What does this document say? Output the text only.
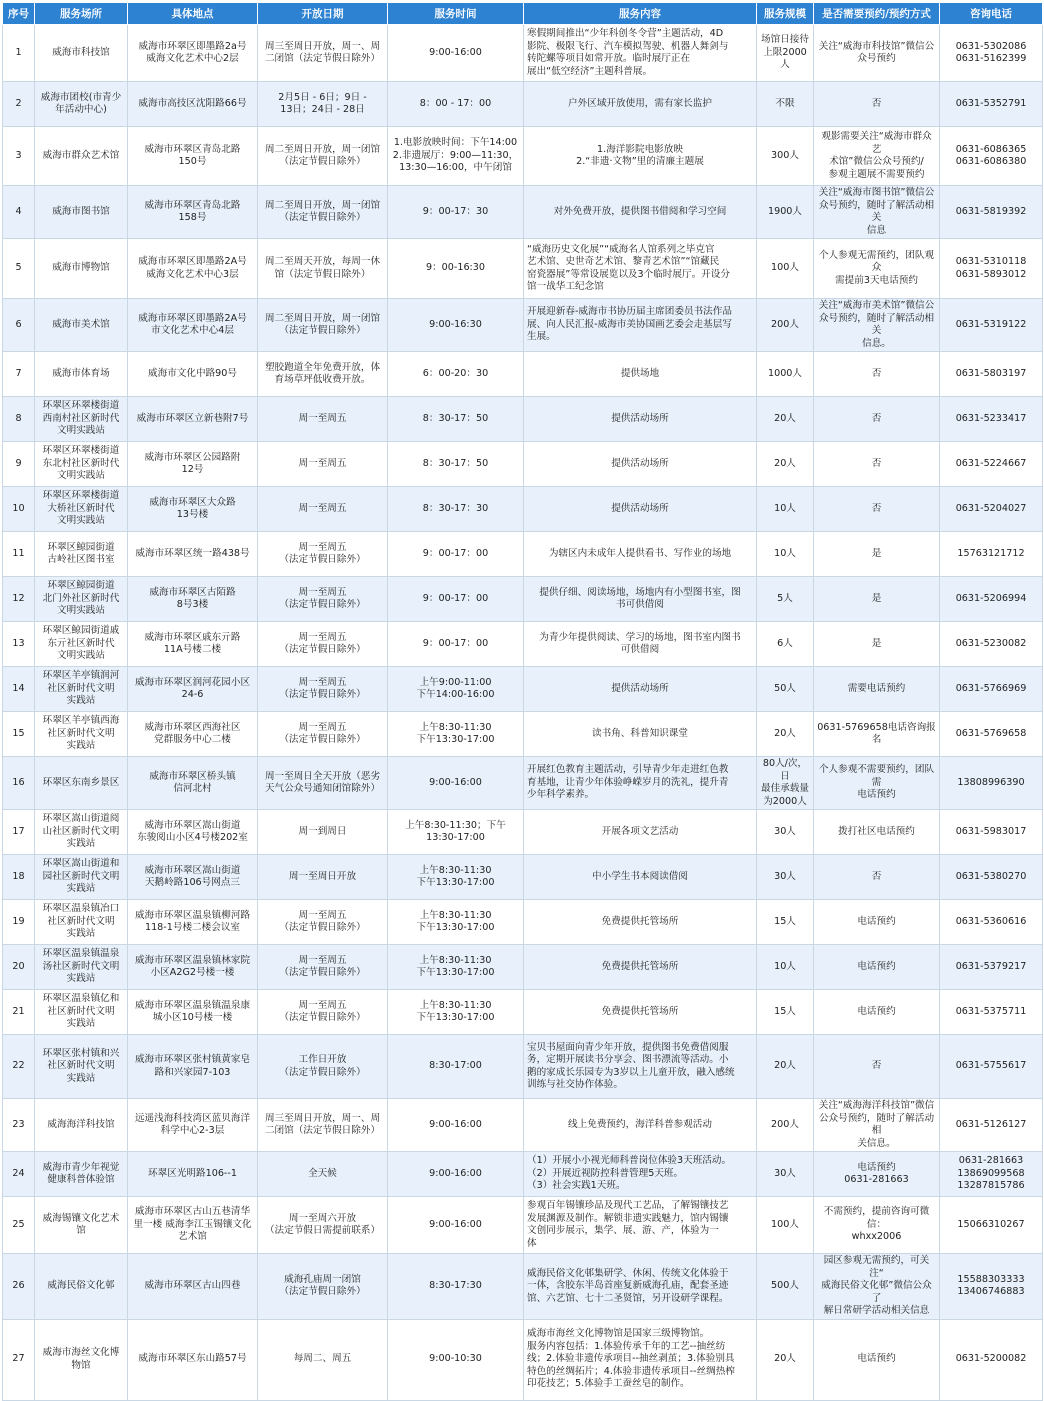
序号	服务场所	具体地点	开放日期	服务时间	服务内容	服务规模	是否需要预约/预约方式	咨询电话
1	威海市科技馆	威海市环翠区即墨路2a号
威海文化艺术中心2层	周三至周日开放，周一、周
二闭馆（法定节假日除外）	9:00-16:00	寒假期间推出“少年科创冬令营”主题活动，4D
影院、极限飞行、汽车模拟驾驶、机器人舞剑与
转陀螺等项目如常开放。临时展厅正在
展出“低空经济”主题科普展。	场馆日接待
上限2000人	关注“威海市科技馆”微信公
众号预约	0631-5302086
0631-5162399
2	威海市团校(市青少
年活动中心)	威海市高技区沈阳路66号	2月5日 - 6日；9日 -
13日；24日 - 28日	8：00 - 17：00	户外区域开放使用，需有家长监护	不限	否	0631-5352791
3	威海市群众艺术馆	威海市环翠区青岛北路
150号	周二至周日开放，周一闭馆
（法定节假日除外）	1.电影放映时间：下午14:00
2.非遗展厅：9:00—11:30，
13:30—16:00，中午闭馆	1.海洋影院电影放映
2.“非遗·文物”里的清廉主题展	300人	观影需要关注“威海市群众艺
术馆”微信公众号预约/
参观主题展不需要预约	0631-6086365
0631-6086380
4	威海市图书馆	威海市环翠区青岛北路
158号	周二至周日开放，周一闭馆
（法定节假日除外）	9：00-17：30	对外免费开放，提供图书借阅和学习空间	1900人	关注“威海市图书馆”微信公
众号预约，随时了解活动相关
信息	0631-5819392
5	威海市博物馆	威海市环翠区即墨路2A号
威海文化艺术中心3层	周二至周天开放，每周一休
馆（法定节假日除外）	9：00-16:30	“威海历史文化展”“威海名人馆系列之毕克官
艺术馆、史世奇艺术馆、黎青艺术馆”“馆藏民
窑瓷器展”等常设展览以及3个临时展厅。开设分
馆一战华工纪念馆	100人	个人参观无需预约，团队观众
需提前3天电话预约	0631-5310118
0631-5893012
6	威海市美术馆	威海市环翠区即墨路2A号
市文化艺术中心4层	周二至周日开放，周一闭馆
（法定节假日除外）	9:00-16:30	开展迎新春-威海市书协历届主席团委员书法作品
展、向人民汇报-威海市美协国画艺委会走基层写
生展。	200人	关注“威海市美术馆”微信公
众号预约，随时了解活动相关
信息。	0631-5319122
7	威海市体育场	威海市文化中路90号	塑胶跑道全年免费开放，体
育场草坪低收费开放。	6：00-20：30	提供场地	1000人	否	0631-5803197
8	环翠区环翠楼街道
西南村社区新时代
文明实践站	威海市环翠区立新巷附7号	周一至周五	8：30-17：50	提供活动场所	20人	否	0631-5233417
9	环翠区环翠楼街道
东北村社区新时代
文明实践站	威海市环翠区公园路附
12号	周一至周五	8：30-17：50	提供活动场所	20人	否	0631-5224667
10	环翠区环翠楼街道
大桥社区新时代
文明实践站	威海市环翠区大众路
13号楼	周一至周五	8：30-17：30	提供活动场所	10人	否	0631-5204027
11	环翠区鲸园街道
古岭社区图书室	威海市环翠区统一路438号	周一至周五
（法定节假日除外）	9：00-17：00	为辖区内未成年人提供看书、写作业的场地	10人	是	15763121712
12	环翠区鲸园街道
北门外社区新时代
文明实践站	威海市环翠区古陌路
8号3楼	周一至周五
（法定节假日除外）	9：00-17：00	提供仔细、阅读场地，场地内有小型图书室，图
书可供借阅	5人	是	0631-5206994
13	环翠区鲸园街道戚
东亓社区新时代
文明实践站	威海市环翠区戚东亓路
11A号楼二楼	周一至周五
（法定节假日除外）	9：00-17：00	为青少年提供阅读、学习的场地，图书室内图书
可供借阅	6人	是	0631-5230082
14	环翠区羊亭镇润河
社区新时代文明
实践站	威海市环翠区润河花园小区
24-6	周一至周五
（法定节假日除外）	上午9:00-11:00
下午14:00-16:00	提供活动场所	50人	需要电话预约	0631-5766969
15	环翠区羊亭镇西海
社区新时代文明
实践站	威海市环翠区西海社区
党群服务中心二楼	周一至周五
（法定节假日除外）	上午8:30-11:30
下午13:30-17:00	读书角、科普知识课堂	20人	0631-5769658电话咨询报名	0631-5769658
16	环翠区东南乡景区	威海市环翠区桥头镇
信河北村	周一至周日全天开放（恶劣
天气公众号通知闭馆除外）	9:00-16:00	开展红色教育主题活动，引导青少年走进红色教
育基地，让青少年体验峥嵘岁月的洗礼，提升青
少年科学素养。	80人/次，日
最佳承载量
为2000人	个人参观不需要预约，团队需
电话预约	13808996390
17	环翠区嵩山街道阅
山社区新时代文明
实践站	威海市环翠区嵩山街道
东骏阅山小区4号楼202室	周一到周日	上午8:30-11:30；下午
13:30-17:00	开展各项文艺活动	30人	拨打社区电话预约	0631-5983017
18	环翠区嵩山街道和
园社区新时代文明
实践站	威海市环翠区嵩山街道
天鹅岭路106号网点三	周一至周日开放	上午8:30-11:30
下午13:30-17:00	中小学生书本阅读借阅	30人	否	0631-5380270
19	环翠区温泉镇冶口
社区新时代文明
实践站	威海市环翠区温泉镇柳河路
118-1号楼二楼会议室	周一至周五
（法定节假日除外）	上午8:30-11:30
下午13:30-17:00	免费提供托管场所	15人	电话预约	0631-5360616
20	环翠区温泉镇温泉
汤社区新时代文明
实践站	威海市环翠区温泉镇林家院
小区A2G2号楼一楼	周一至周五
（法定节假日除外）	上午8:30-11:30
下午13:30-17:00	免费提供托管场所	10人	电话预约	0631-5379217
21	环翠区温泉镇亿和
社区新时代文明
实践站	威海市环翠区温泉镇温泉康
城小区10号楼一楼	周一至周五
（法定节假日除外）	上午8:30-11:30
下午13:30-17:00	免费提供托管场所	15人	电话预约	0631-5375711
22	环翠区张村镇和兴
社区新时代文明
实践站	威海市环翠区张村镇黄家皂
路和兴家园7-103	工作日开放
（法定节假日除外）	8:30-17:00	宝贝书屋面向青少年开放，提供图书免费借阅服
务，定期开展读书分享会、图书漂流等活动。小
鹅的家成长乐园专为3岁以上儿童开放，融入感统
训练与社交协作体验。	20人	否	0631-5755617
23	威海海洋科技馆	远遥浅海科技湾区蓝贝海洋
科学中心2-3层	周三至周日开放，周一、周
二闭馆（法定节假日除外）	9:00-16:00	线上免费预约，海洋科普参观活动	200人	关注“威海海洋科技馆”微信
公众号预约，随时了解活动相
关信息。	0631-5126127
24	威海市青少年视觉
健康科普体验馆	环翠区光明路106--1	全天候	9:00-16:00	（1）开展小小视光师科普岗位体验3天班活动。
（2）开展近视防控科普管理5天班。
（3）社会实践1天班。	30人	电话预约
0631-281663	0631-281663
13869099568
13287815786
25	威海锡镶文化艺术
馆	威海市环翠区古山五巷清华
里一楼 威海李江玉锡镶文化
艺术馆	周一至周六开放
（法定节假日需提前联系）	9:00-16:00	参观百年锡镶珍品及现代工艺品，了解锡镶技艺
发展渊源及制作。解锁非遗实践魅力，馆内锡镶
文创同步展示，集学、展、游、产，体验为一
体	100人	不需预约，提前咨询可微信：
whxx2006	15066310267
26	威海民俗文化邨	威海市环翠区古山四巷	威海孔庙周一闭馆
（法定节假日除外）	8:30-17:30	威海民俗文化邨集研学、休闲、传统文化体验于
一体，含胶东半岛首座复新威海孔庙，配套圣迹
馆、六艺馆、七十二圣贤馆，另开设研学课程。	500人	园区参观无需预约，可关注“
威海民俗文化邨”微信公众了
解日常研学活动相关信息	15588303333
13406746883
27	威海市海丝文化博
物馆	威海市环翠区东山路57号	每周二、周五	9:00-10:30	威海市海丝文化博物馆是国家三级博物馆。
服务内容包括：1.体验传承千年的工艺--抽丝纺
线；2.体验非遗传承项目--抽丝剥茧；3.体验别具
特色的丝绸拓片；4.体验非遗传承项目--丝绸热榨
印花技艺；5.体验手工蚕丝皂的制作。	20人	电话预约	0631-5200082
